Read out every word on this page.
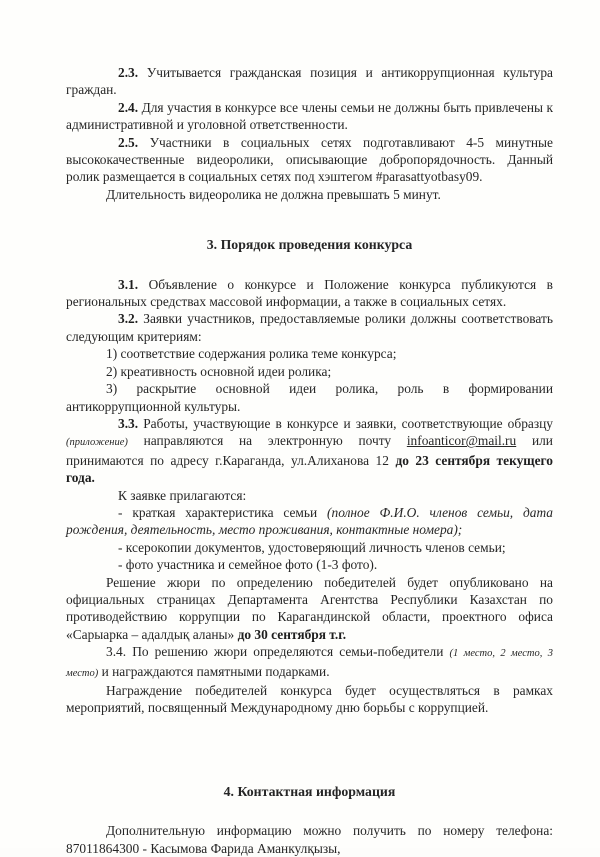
2.3. Учитывается гражданская позиция и антикоррупционная культура граждан.

2.4. Для участия в конкурсе все члены семьи не должны быть привлечены к административной и уголовной ответственности.

2.5. Участники в социальных сетях подготавливают 4-5 минутные высококачественные видеоролики, описывающие добропорядочность. Данный ролик размещается в социальных сетях под хэштегом #parasattyotbasy09.

Длительность видеоролика не должна превышать 5 минут.

3. Порядок проведения конкурса

3.1. Объявление о конкурсе и Положение конкурса публикуются в региональных средствах массовой информации, а также в социальных сетях.

3.2. Заявки участников, предоставляемые ролики должны соответствовать следующим критериям:

1) соответствие содержания ролика теме конкурса;

2) креативность основной идеи ролика;

3) раскрытие основной идеи ролика, роль в формировании антикоррупционной культуры.

3.3. Работы, участвующие в конкурсе и заявки, соответствующие образцу (приложение) направляются на электронную почту infoanticor@mail.ru или принимаются по адресу г.Караганда, ул.Алиханова 12 до 23 сентября текущего года.

К заявке прилагаются:

- краткая характеристика семьи (полное Ф.И.О. членов семьи, дата рождения, деятельность, место проживания, контактные номера);

- ксерокопии документов, удостоверяющий личность членов семьи;

- фото участника и семейное фото (1-3 фото).

Решение жюри по определению победителей будет опубликовано на официальных страницах Департамента Агентства Республики Казахстан по противодействию коррупции по Карагандинской области, проектного офиса «Сарыарка – адалдық аланы» до 30 сентября т.г.

3.4. По решению жюри определяются семьи-победители (1 место, 2 место, 3 место) и награждаются памятными подарками.

Награждение победителей конкурса будет осуществляться в рамках мероприятий, посвященный Международному дню борьбы с коррупцией.

4. Контактная информация

Дополнительную информацию можно получить по номеру телефона: 87011864300 - Касымова Фарида Аманкулқызы,
